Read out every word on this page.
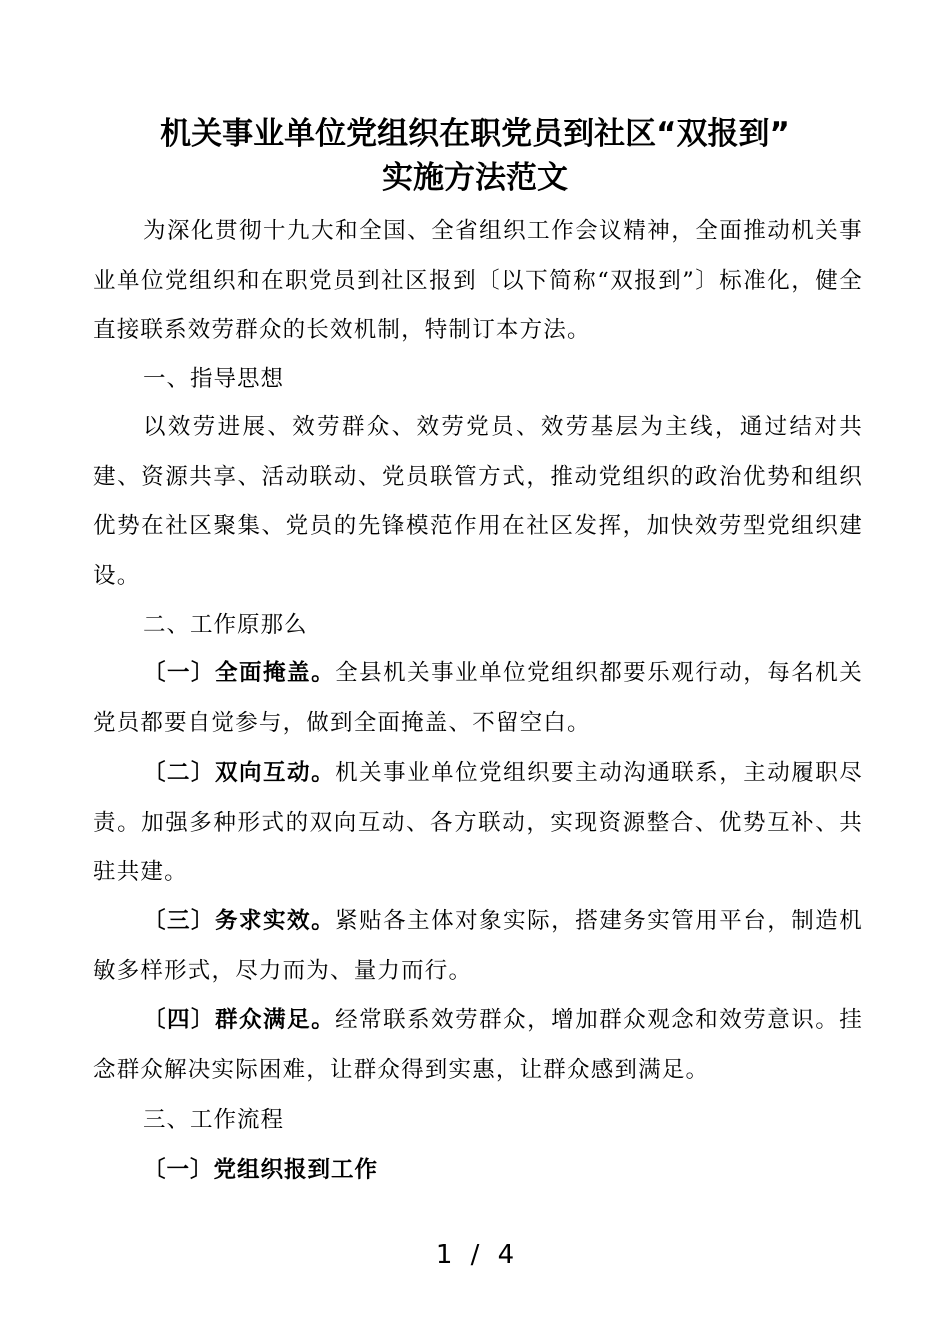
机关事业单位党组织在职党员到社区“双报到”
实施方法范文
为深化贯彻十九大和全国、全省组织工作会议精神，全面推动机关事业单位党组织和在职党员到社区报到〔以下简称“双报到”〕标准化，健全直接联系效劳群众的长效机制，特制订本方法。
一、指导思想
以效劳进展、效劳群众、效劳党员、效劳基层为主线，通过结对共建、资源共享、活动联动、党员联管方式，推动党组织的政治优势和组织优势在社区聚集、党员的先锋模范作用在社区发挥，加快效劳型党组织建设。
二、工作原那么
〔一〕全面掩盖。全县机关事业单位党组织都要乐观行动，每名机关党员都要自觉参与，做到全面掩盖、不留空白。
〔二〕双向互动。机关事业单位党组织要主动沟通联系，主动履职尽责。加强多种形式的双向互动、各方联动，实现资源整合、优势互补、共驻共建。
〔三〕务求实效。紧贴各主体对象实际，搭建务实管用平台，制造机敏多样形式，尽力而为、量力而行。
〔四〕群众满足。经常联系效劳群众，增加群众观念和效劳意识。挂念群众解决实际困难，让群众得到实惠，让群众感到满足。
三、工作流程
〔一〕党组织报到工作
1 / 4
